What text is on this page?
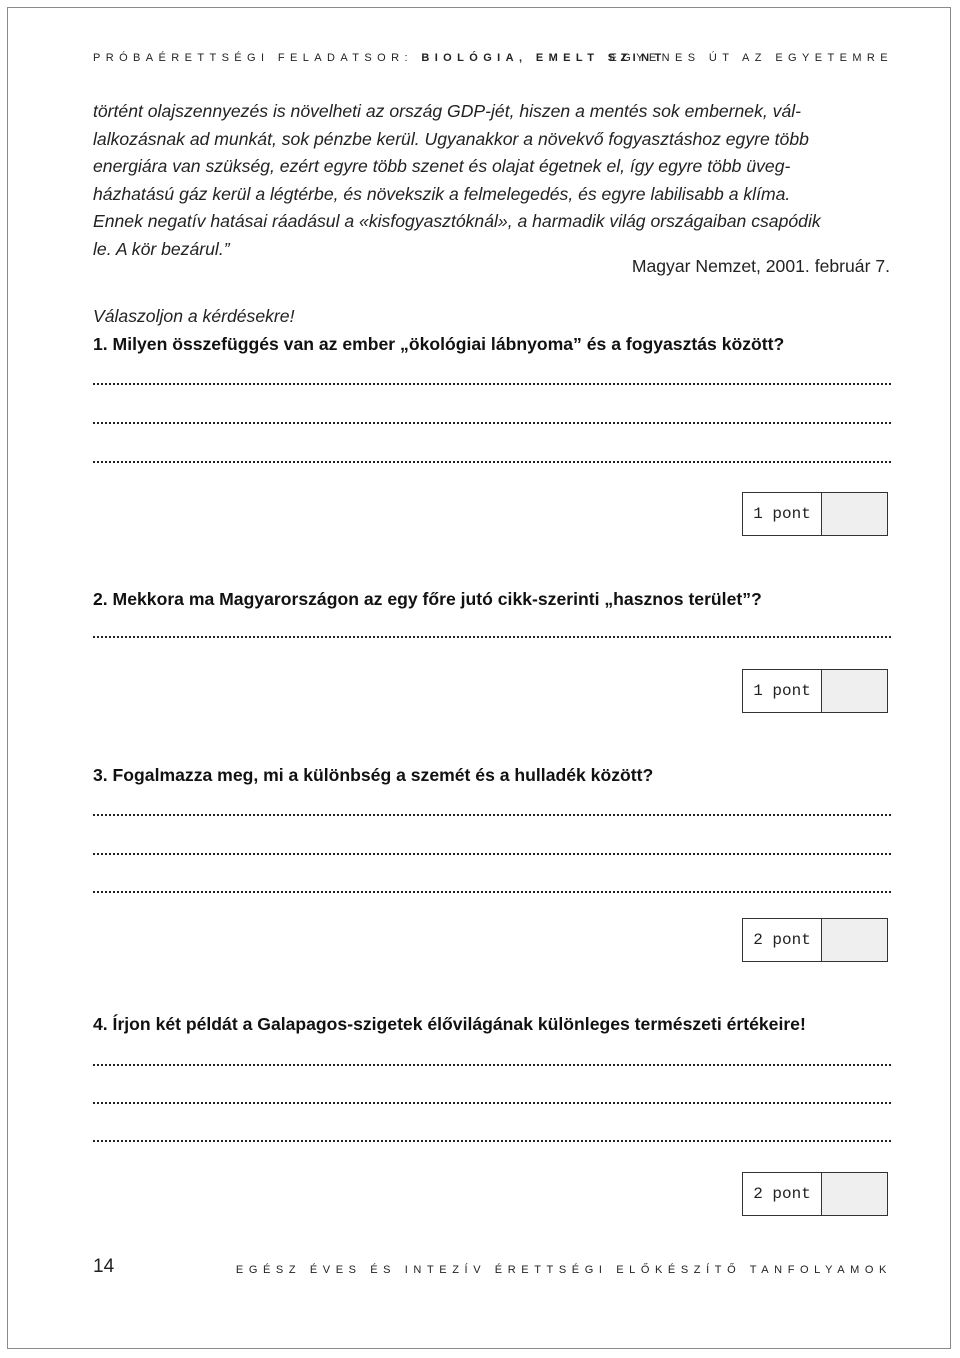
PRÓBAÉRETTSÉGI FELADATSOR: BIOLÓGIA, EMELT SZINT
EGYENES ÚT AZ EGYETEMRE

történt olajszennyezés is növelheti az ország GDP-jét, hiszen a mentés sok embernek, vál-

lalkozásnak ad munkát, sok pénzbe kerül. Ugyanakkor a növekvő fogyasztáshoz egyre több

energiára van szükség, ezért egyre több szenet és olajat égetnek el, így egyre több üveg-

házhatású gáz kerül a légtérbe, és növekszik a felmelegedés, és egyre labilisabb a klíma.

Ennek negatív hatásai ráadásul a «kisfogyasztóknál», a harmadik világ országaiban csapódik

le. A kör bezárul.”

Magyar Nemzet, 2001. február 7.
Válaszoljon a kérdésekre!
1. Milyen összefüggés van az ember „ökológiai lábnyoma” és a fogyasztás között?
1 pont
2. Mekkora ma Magyarországon az egy főre jutó cikk-szerinti „hasznos terület”?
1 pont
3. Fogalmazza meg, mi a különbség a szemét és a hulladék között?
2 pont
4. Írjon két példát a Galapagos-szigetek élővilágának különleges természeti értékeire!
2 pont
14	EGÉSZ ÉVES ÉS INTEZÍV ÉRETTSÉGI ELŐKÉSZÍTŐ TANFOLYAMOK
